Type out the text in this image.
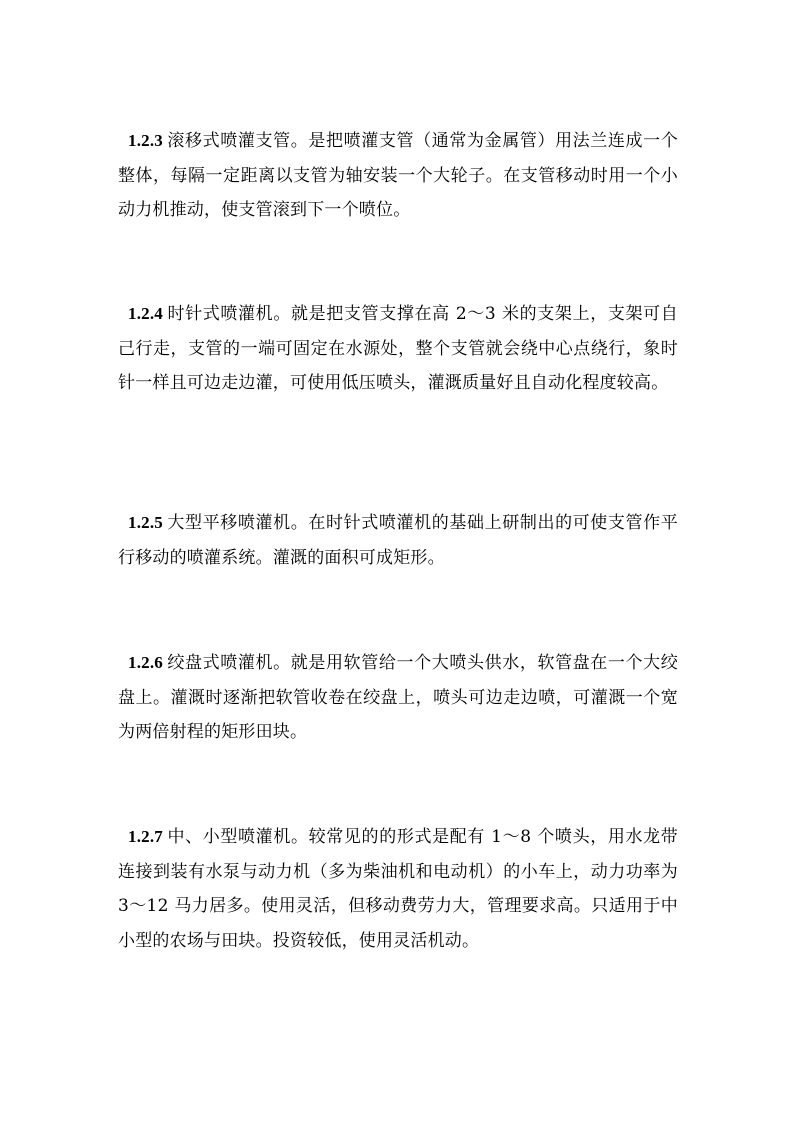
1.2.3 滚移式喷灌支管。是把喷灌支管（通常为金属管）用法兰连成一个整体，每隔一定距离以支管为轴安装一个大轮子。在支管移动时用一个小动力机推动，使支管滚到下一个喷位。

1.2.4 时针式喷灌机。就是把支管支撑在高 2～3 米的支架上，支架可自己行走，支管的一端可固定在水源处，整个支管就会绕中心点绕行，象时针一样且可边走边灌，可使用低压喷头，灌溉质量好且自动化程度较高。

1.2.5 大型平移喷灌机。在时针式喷灌机的基础上研制出的可使支管作平行移动的喷灌系统。灌溉的面积可成矩形。

1.2.6 绞盘式喷灌机。就是用软管给一个大喷头供水，软管盘在一个大绞盘上。灌溉时逐渐把软管收卷在绞盘上，喷头可边走边喷，可灌溉一个宽为两倍射程的矩形田块。

1.2.7 中、小型喷灌机。较常见的的形式是配有 1～8 个喷头，用水龙带连接到装有水泵与动力机（多为柴油机和电动机）的小车上，动力功率为 3～12 马力居多。使用灵活，但移动费劳力大，管理要求高。只适用于中小型的农场与田块。投资较低，使用灵活机动。
